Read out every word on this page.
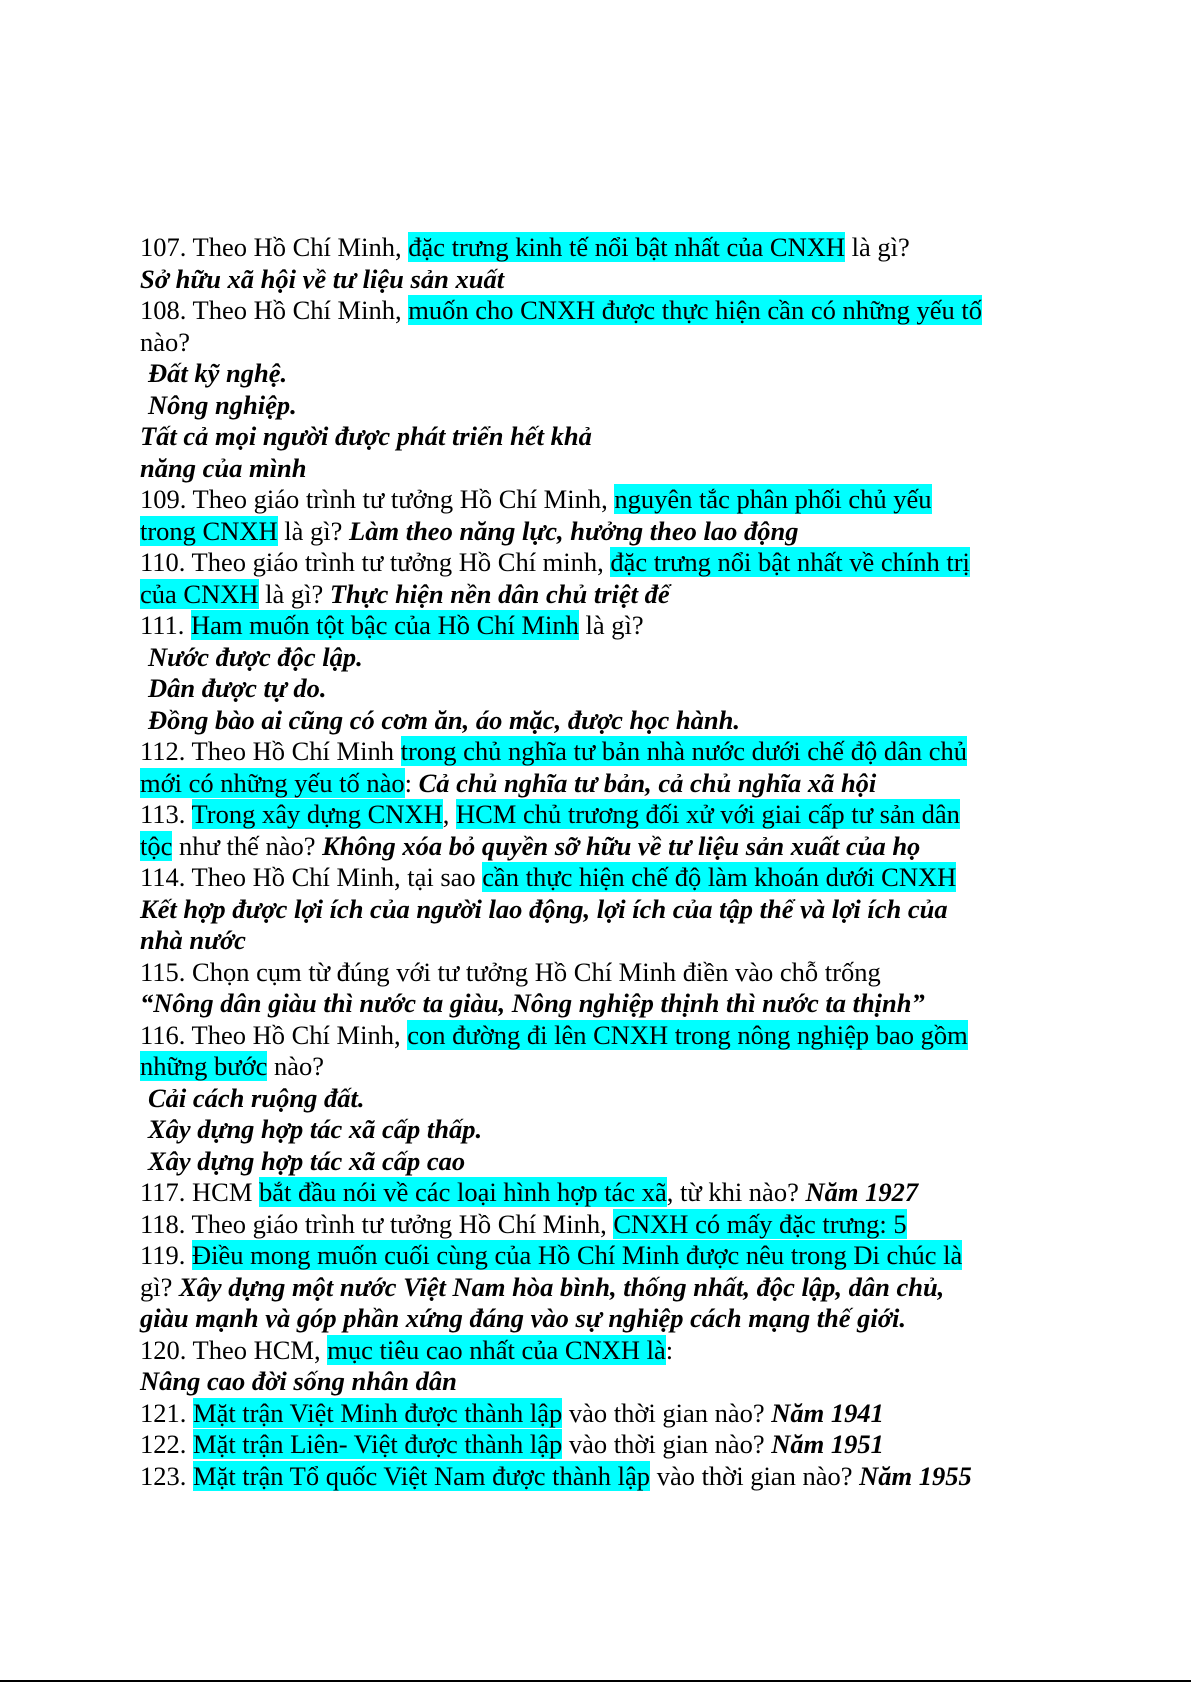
107. Theo Hồ Chí Minh, đặc trưng kinh tế nổi bật nhất của CNXH là gì?
Sở hữu xã hội về tư liệu sản xuất
108. Theo Hồ Chí Minh, muốn cho CNXH được thực hiện cần có những yếu tố
nào?
Đất kỹ nghệ.
Nông nghiệp.
Tất cả mọi người được phát triển hết khả
năng của mình
109. Theo giáo trình tư tưởng Hồ Chí Minh, nguyên tắc phân phối chủ yếu
trong CNXH là gì? Làm theo năng lực, hưởng theo lao động
110. Theo giáo trình tư tưởng Hồ Chí minh, đặc trưng nổi bật nhất về chính trị
của CNXH là gì? Thực hiện nền dân chủ triệt để
111. Ham muốn tột bậc của Hồ Chí Minh là gì?
Nước được độc lập.
Dân được tự do.
Đồng bào ai cũng có cơm ăn, áo mặc, được học hành.
112. Theo Hồ Chí Minh trong chủ nghĩa tư bản nhà nước dưới chế độ dân chủ
mới có những yếu tố nào: Cả chủ nghĩa tư bản, cả chủ nghĩa xã hội
113. Trong xây dựng CNXH, HCM chủ trương đối xử với giai cấp tư sản dân
tộc như thế nào? Không xóa bỏ quyền sỡ hữu về tư liệu sản xuất của họ
114. Theo Hồ Chí Minh, tại sao cần thực hiện chế độ làm khoán dưới CNXH
Kết hợp được lợi ích của người lao động, lợi ích của tập thể và lợi ích của
nhà nước
115. Chọn cụm từ đúng với tư tưởng Hồ Chí Minh điền vào chỗ trống
“Nông dân giàu thì nước ta giàu, Nông nghiệp thịnh thì nước ta thịnh”
116. Theo Hồ Chí Minh, con đường đi lên CNXH trong nông nghiệp bao gồm
những bước nào?
Cải cách ruộng đất.
Xây dựng hợp tác xã cấp thấp.
Xây dựng hợp tác xã cấp cao
117. HCM bắt đầu nói về các loại hình hợp tác xã, từ khi nào? Năm 1927
118. Theo giáo trình tư tưởng Hồ Chí Minh, CNXH có mấy đặc trưng: 5
119. Điều mong muốn cuối cùng của Hồ Chí Minh được nêu trong Di chúc là
gì? Xây dựng một nước Việt Nam hòa bình, thống nhất, độc lập, dân chủ,
giàu mạnh và góp phần xứng đáng vào sự nghiệp cách mạng thế giới.
120. Theo HCM, mục tiêu cao nhất của CNXH là:
Nâng cao đời sống nhân dân
121. Mặt trận Việt Minh được thành lập vào thời gian nào? Năm 1941
122. Mặt trận Liên- Việt được thành lập vào thời gian nào? Năm 1951
123. Mặt trận Tổ quốc Việt Nam được thành lập vào thời gian nào? Năm 1955
